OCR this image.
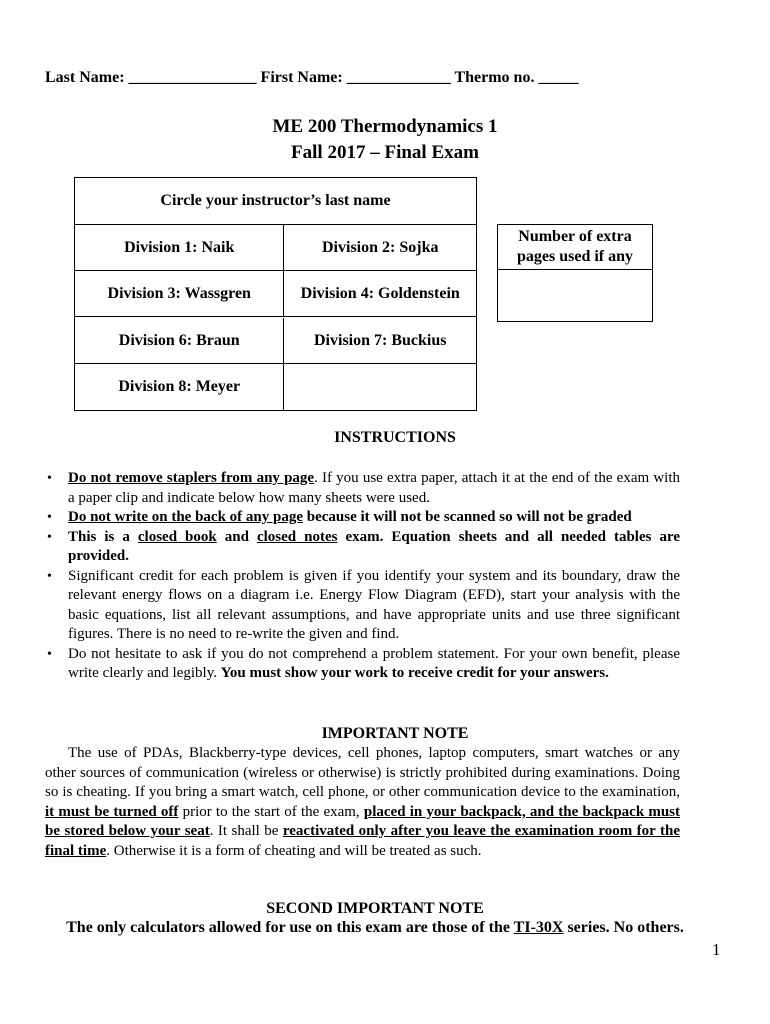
Last Name: ________________ First Name: _____________ Thermo no. _____
ME 200 Thermodynamics 1
Fall 2017 – Final Exam
Circle your instructor’s last name
Division 1: Naik	Division 2: Sojka
Division 3: Wassgren	Division 4: Goldenstein
Division 6: Braun	Division 7: Buckius
Division 8: Meyer
Number of extra pages used if any
INSTRUCTIONS
• Do not remove staplers from any page. If you use extra paper, attach it at the end of the exam with a paper clip and indicate below how many sheets were used.
• Do not write on the back of any page because it will not be scanned so will not be graded
• This is a closed book and closed notes exam. Equation sheets and all needed tables are provided.
• Significant credit for each problem is given if you identify your system and its boundary, draw the relevant energy flows on a diagram i.e. Energy Flow Diagram (EFD), start your analysis with the basic equations, list all relevant assumptions, and have appropriate units and use three significant figures. There is no need to re-write the given and find.
• Do not hesitate to ask if you do not comprehend a problem statement. For your own benefit, please write clearly and legibly. You must show your work to receive credit for your answers.
IMPORTANT NOTE
The use of PDAs, Blackberry-type devices, cell phones, laptop computers, smart watches or any other sources of communication (wireless or otherwise) is strictly prohibited during examinations. Doing so is cheating. If you bring a smart watch, cell phone, or other communication device to the examination, it must be turned off prior to the start of the exam, placed in your backpack, and the backpack must be stored below your seat. It shall be reactivated only after you leave the examination room for the final time. Otherwise it is a form of cheating and will be treated as such.
SECOND IMPORTANT NOTE
The only calculators allowed for use on this exam are those of the TI-30X series. No others.
1
